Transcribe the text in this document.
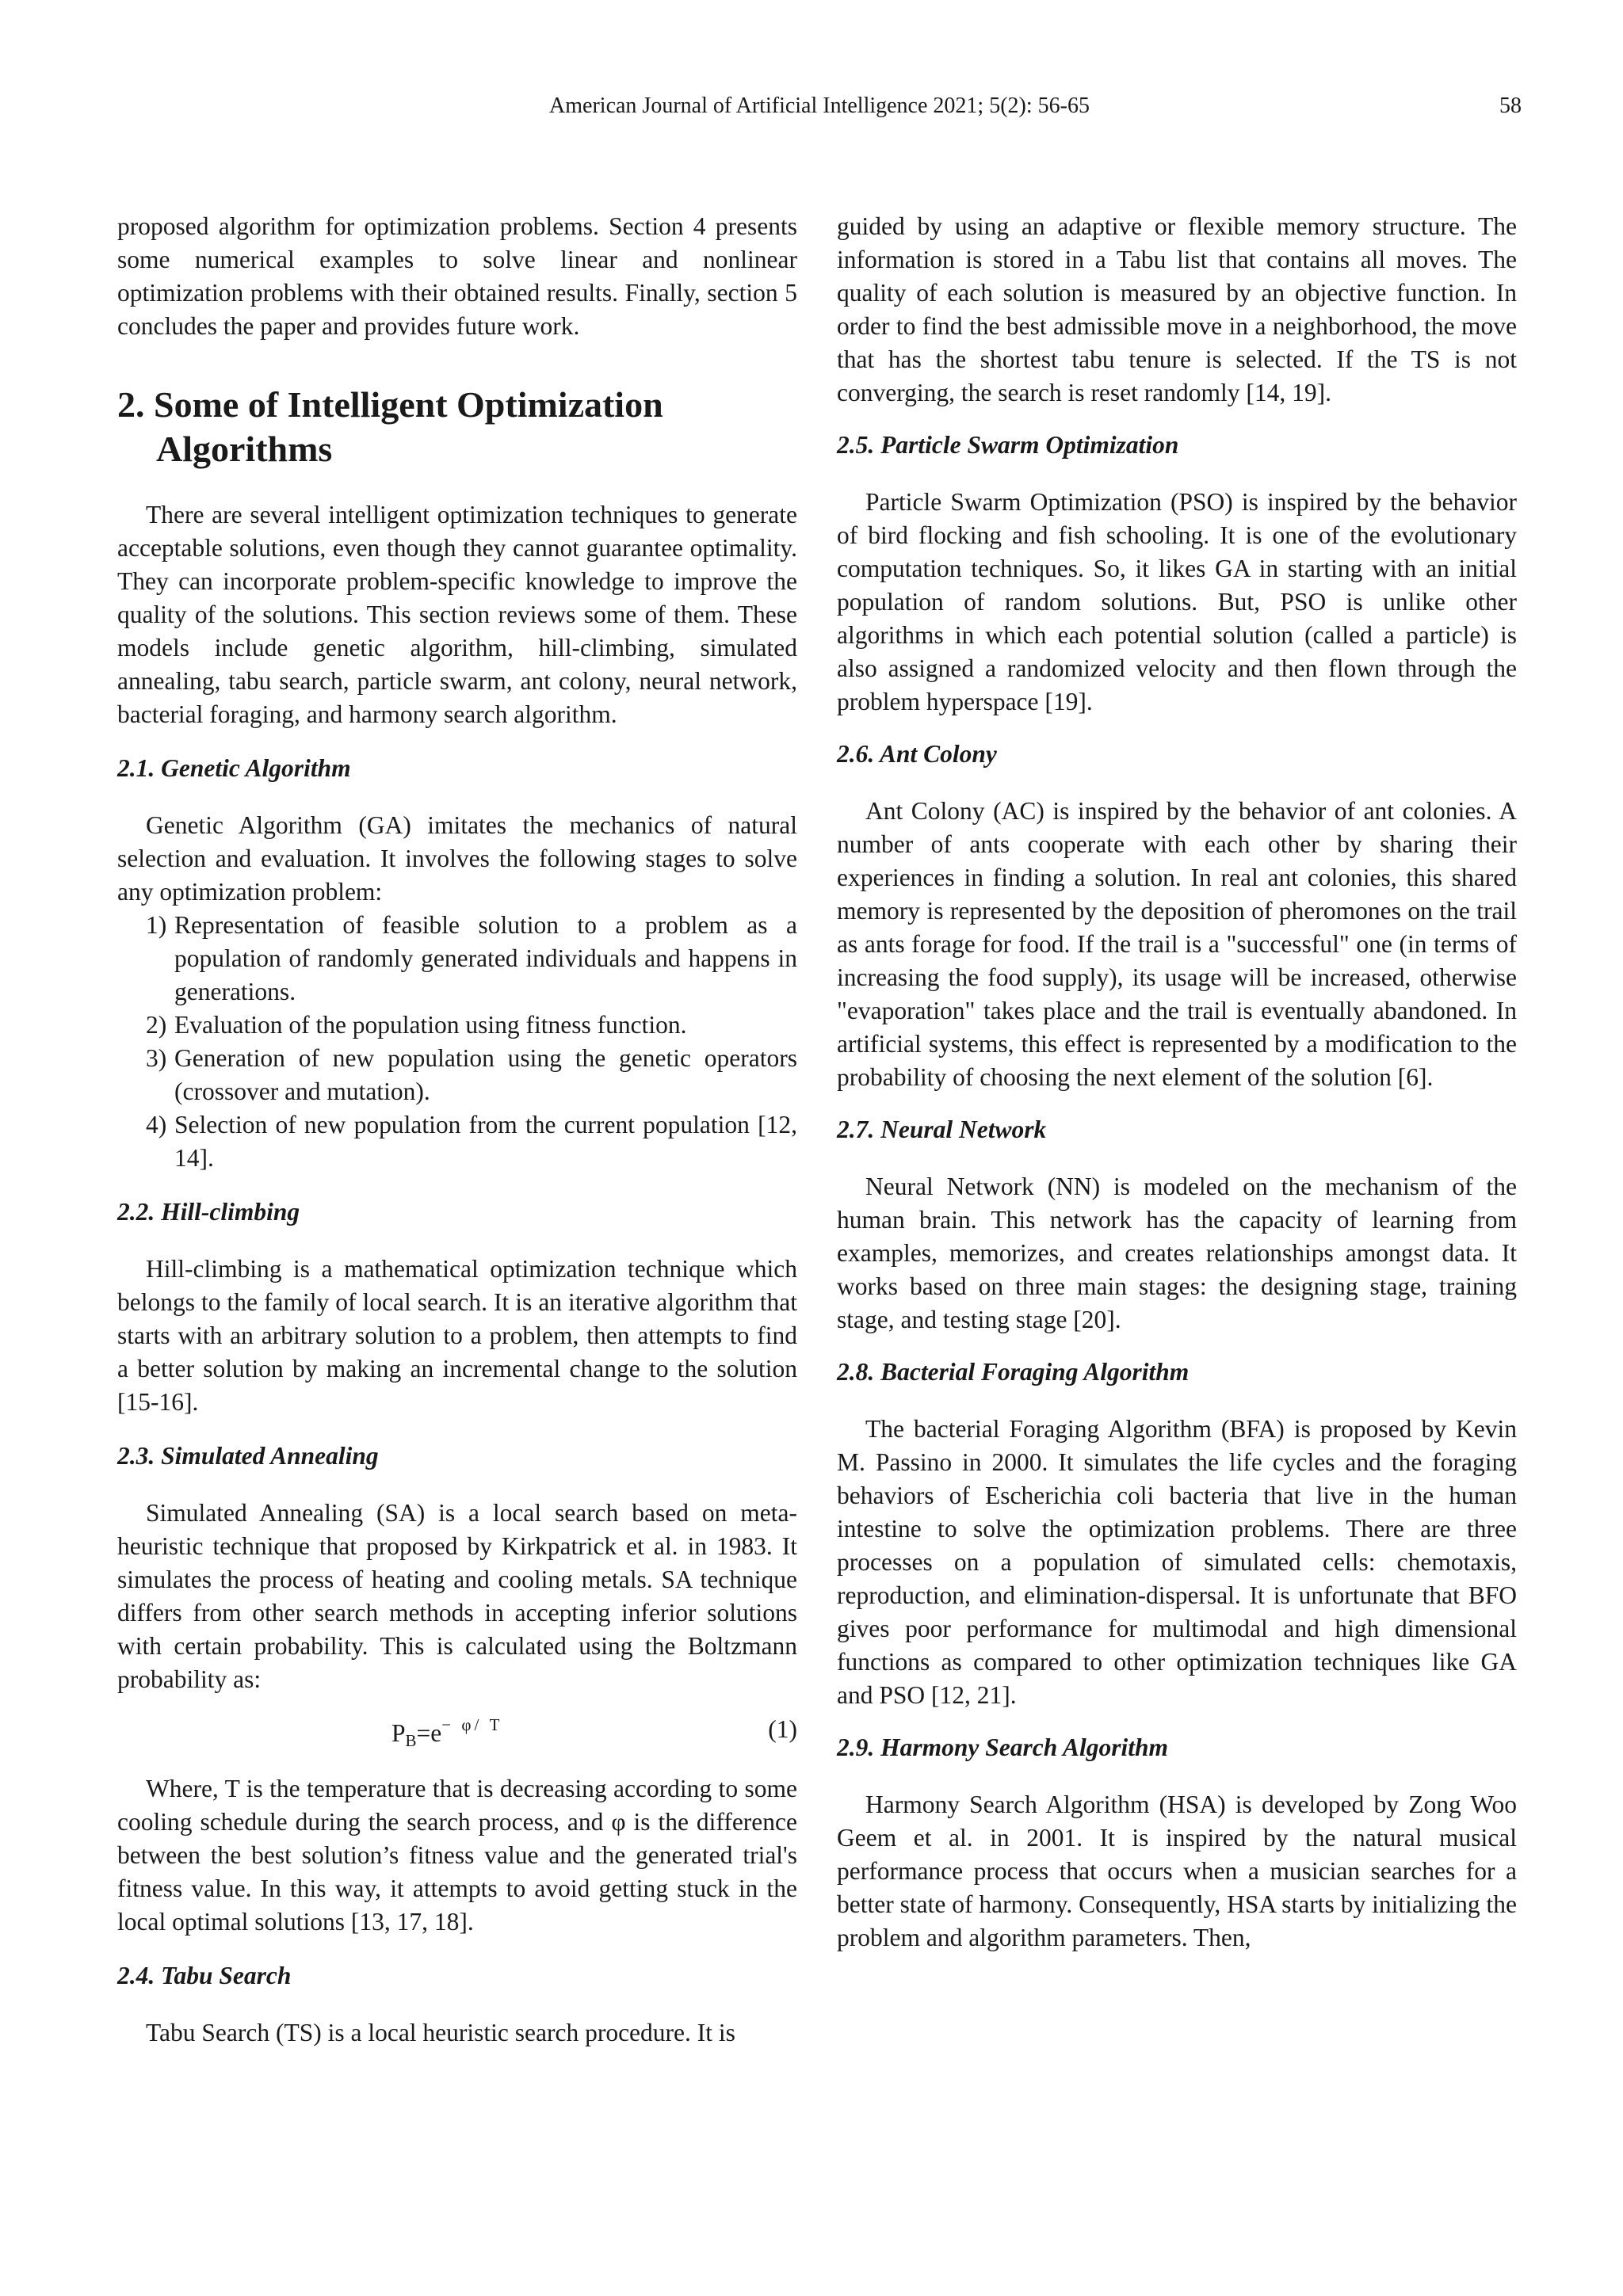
American Journal of Artificial Intelligence 2021; 5(2): 56-65	58

proposed algorithm for optimization problems. Section 4 presents some numerical examples to solve linear and nonlinear optimization problems with their obtained results. Finally, section 5 concludes the paper and provides future work.

2. Some of Intelligent Optimization Algorithms

There are several intelligent optimization techniques to generate acceptable solutions, even though they cannot guarantee optimality. They can incorporate problem-specific knowledge to improve the quality of the solutions. This section reviews some of them. These models include genetic algorithm, hill-climbing, simulated annealing, tabu search, particle swarm, ant colony, neural network, bacterial foraging, and harmony search algorithm.

2.1. Genetic Algorithm

Genetic Algorithm (GA) imitates the mechanics of natural selection and evaluation. It involves the following stages to solve any optimization problem:

1) Representation of feasible solution to a problem as a population of randomly generated individuals and happens in generations.
2) Evaluation of the population using fitness function.
3) Generation of new population using the genetic operators (crossover and mutation).
4) Selection of new population from the current population [12, 14].
2.2. Hill-climbing

Hill-climbing is a mathematical optimization technique which belongs to the family of local search. It is an iterative algorithm that starts with an arbitrary solution to a problem, then attempts to find a better solution by making an incremental change to the solution [15-16].

2.3. Simulated Annealing

Simulated Annealing (SA) is a local search based on meta-heuristic technique that proposed by Kirkpatrick et al. in 1983. It simulates the process of heating and cooling metals. SA technique differs from other search methods in accepting inferior solutions with certain probability. This is calculated using the Boltzmann probability as:

$P_B=e^{- \varphi/ T}$	(1)

Where, T is the temperature that is decreasing according to some cooling schedule during the search process, and φ is the difference between the best solution’s fitness value and the generated trial's fitness value. In this way, it attempts to avoid getting stuck in the local optimal solutions [13, 17, 18].

2.4. Tabu Search

Tabu Search (TS) is a local heuristic search procedure. It is

guided by using an adaptive or flexible memory structure. The information is stored in a Tabu list that contains all moves. The quality of each solution is measured by an objective function. In order to find the best admissible move in a neighborhood, the move that has the shortest tabu tenure is selected. If the TS is not converging, the search is reset randomly [14, 19].

2.5. Particle Swarm Optimization

Particle Swarm Optimization (PSO) is inspired by the behavior of bird flocking and fish schooling. It is one of the evolutionary computation techniques. So, it likes GA in starting with an initial population of random solutions. But, PSO is unlike other algorithms in which each potential solution (called a particle) is also assigned a randomized velocity and then flown through the problem hyperspace [19].

2.6. Ant Colony

Ant Colony (AC) is inspired by the behavior of ant colonies. A number of ants cooperate with each other by sharing their experiences in finding a solution. In real ant colonies, this shared memory is represented by the deposition of pheromones on the trail as ants forage for food. If the trail is a "successful" one (in terms of increasing the food supply), its usage will be increased, otherwise "evaporation" takes place and the trail is eventually abandoned. In artificial systems, this effect is represented by a modification to the probability of choosing the next element of the solution [6].

2.7. Neural Network

Neural Network (NN) is modeled on the mechanism of the human brain. This network has the capacity of learning from examples, memorizes, and creates relationships amongst data. It works based on three main stages: the designing stage, training stage, and testing stage [20].

2.8. Bacterial Foraging Algorithm

The bacterial Foraging Algorithm (BFA) is proposed by Kevin M. Passino in 2000. It simulates the life cycles and the foraging behaviors of Escherichia coli bacteria that live in the human intestine to solve the optimization problems. There are three processes on a population of simulated cells: chemotaxis, reproduction, and elimination-dispersal. It is unfortunate that BFO gives poor performance for multimodal and high dimensional functions as compared to other optimization techniques like GA and PSO [12, 21].

2.9. Harmony Search Algorithm

Harmony Search Algorithm (HSA) is developed by Zong Woo Geem et al. in 2001. It is inspired by the natural musical performance process that occurs when a musician searches for a better state of harmony. Consequently, HSA starts by initializing the problem and algorithm parameters. Then,
